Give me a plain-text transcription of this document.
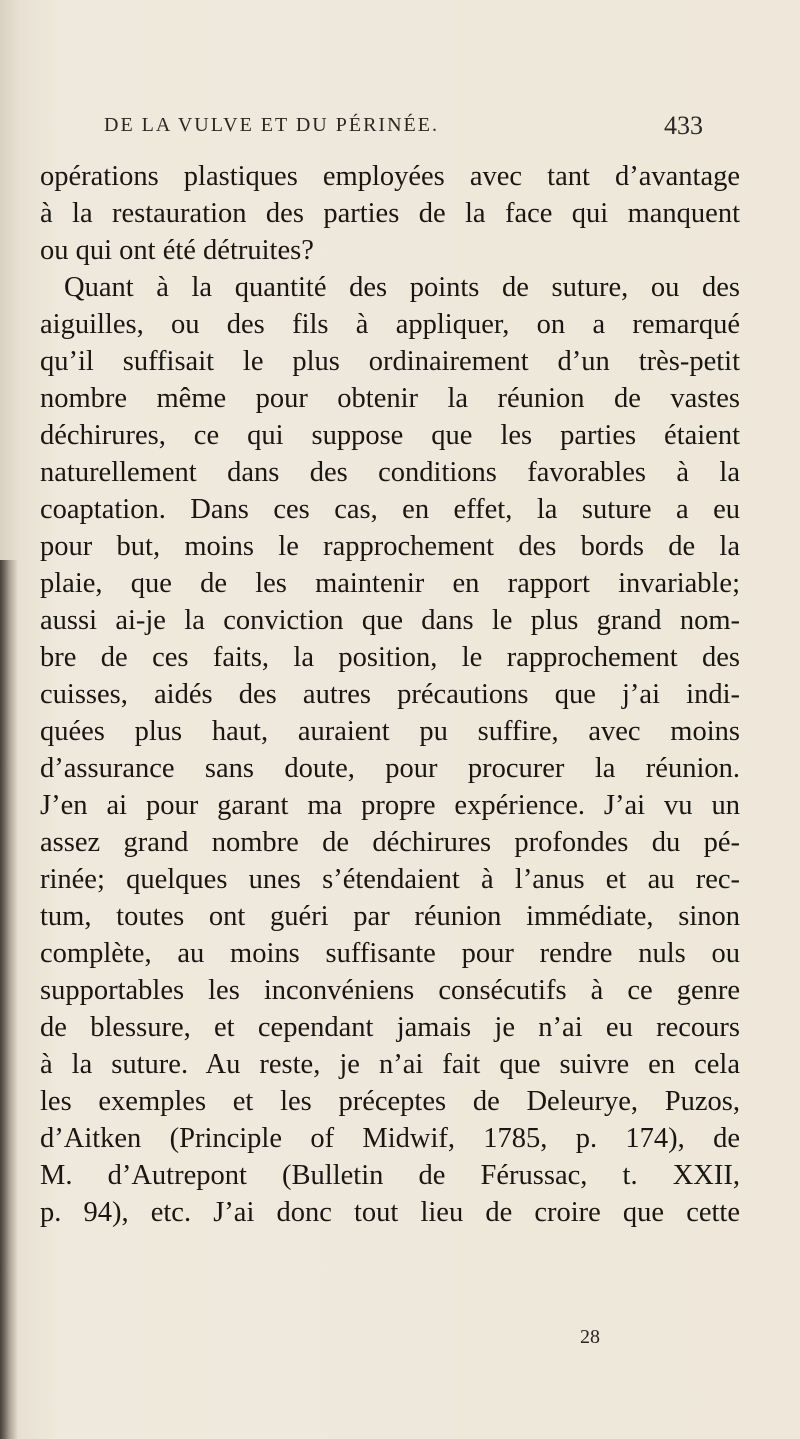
DE LA VULVE ET DU PÉRINÉE.	433
opérations plastiques employées avec tant d’avantage
à la restauration des parties de la face qui manquent
ou qui ont été détruites?
Quant à la quantité des points de suture, ou des
aiguilles, ou des fils à appliquer, on a remarqué
qu’il suffisait le plus ordinairement d’un très-petit
nombre même pour obtenir la réunion de vastes
déchirures, ce qui suppose que les parties étaient
naturellement dans des conditions favorables à la
coaptation. Dans ces cas, en effet, la suture a eu
pour but, moins le rapprochement des bords de la
plaie, que de les maintenir en rapport invariable;
aussi ai-je la conviction que dans le plus grand nom-
bre de ces faits, la position, le rapprochement des
cuisses, aidés des autres précautions que j’ai indi-
quées plus haut, auraient pu suffire, avec moins
d’assurance sans doute, pour procurer la réunion.
J’en ai pour garant ma propre expérience. J’ai vu un
assez grand nombre de déchirures profondes du pé-
rinée; quelques unes s’étendaient à l’anus et au rec-
tum, toutes ont guéri par réunion immédiate, sinon
complète, au moins suffisante pour rendre nuls ou
supportables les inconvéniens consécutifs à ce genre
de blessure, et cependant jamais je n’ai eu recours
à la suture. Au reste, je n’ai fait que suivre en cela
les exemples et les préceptes de Deleurye, Puzos,
d’Aitken (Principle of Midwif, 1785, p. 174), de
M. d’Autrepont (Bulletin de Férussac, t. XXII,
p. 94), etc. J’ai donc tout lieu de croire que cette
28
